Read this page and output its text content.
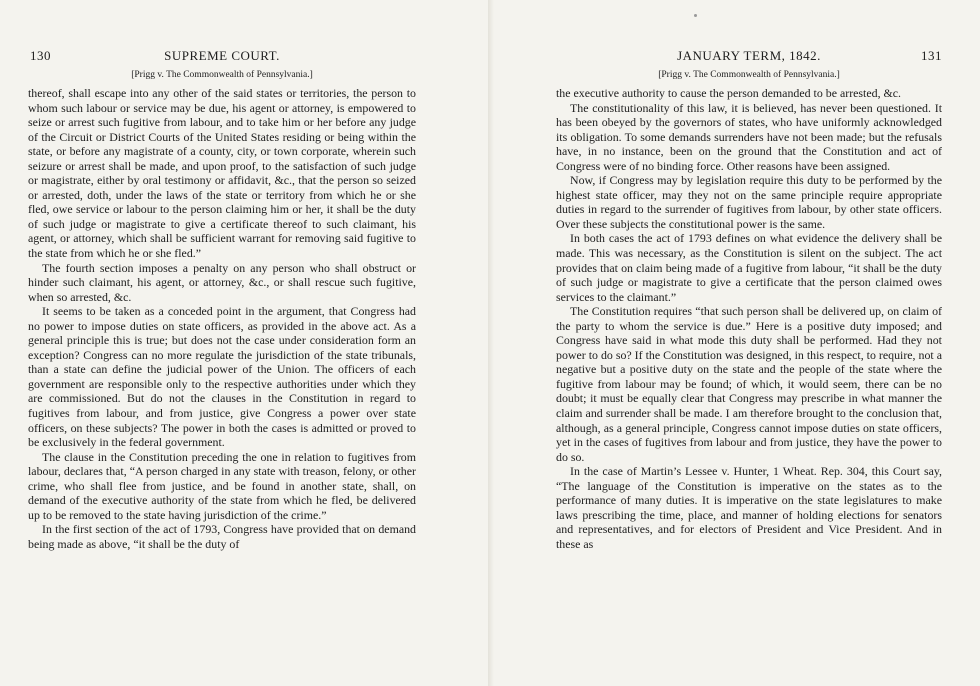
130	SUPREME COURT.
[Prigg v. The Commonwealth of Pennsylvania.]

thereof, shall escape into any other of the said states or territories, the person to whom such labour or service may be due, his agent or attorney, is empowered to seize or arrest such fugitive from labour, and to take him or her before any judge of the Circuit or District Courts of the United States residing or being within the state, or before any magistrate of a county, city, or town corporate, wherein such seizure or arrest shall be made, and upon proof, to the satisfaction of such judge or magistrate, either by oral testimony or affidavit, &c., that the person so seized or arrested, doth, under the laws of the state or territory from which he or she fled, owe service or labour to the person claiming him or her, it shall be the duty of such judge or magistrate to give a certificate thereof to such claimant, his agent, or attorney, which shall be sufficient warrant for removing said fugitive to the state from which he or she fled.”

The fourth section imposes a penalty on any person who shall obstruct or hinder such claimant, his agent, or attorney, &c., or shall rescue such fugitive, when so arrested, &c.

It seems to be taken as a conceded point in the argument, that Congress had no power to impose duties on state officers, as provided in the above act. As a general principle this is true; but does not the case under consideration form an exception? Congress can no more regulate the jurisdiction of the state tribunals, than a state can define the judicial power of the Union. The officers of each government are responsible only to the respective authorities under which they are commissioned. But do not the clauses in the Constitution in regard to fugitives from labour, and from justice, give Congress a power over state officers, on these subjects? The power in both the cases is admitted or proved to be exclusively in the federal government.

The clause in the Constitution preceding the one in relation to fugitives from labour, declares that, “A person charged in any state with treason, felony, or other crime, who shall flee from justice, and be found in another state, shall, on demand of the executive authority of the state from which he fled, be delivered up to be removed to the state having jurisdiction of the crime.”

In the first section of the act of 1793, Congress have provided that on demand being made as above, “it shall be the duty of

JANUARY TERM, 1842.	131
[Prigg v. The Commonwealth of Pennsylvania.]

the executive authority to cause the person demanded to be arrested, &c.

The constitutionality of this law, it is believed, has never been questioned. It has been obeyed by the governors of states, who have uniformly acknowledged its obligation. To some demands surrenders have not been made; but the refusals have, in no instance, been on the ground that the Constitution and act of Congress were of no binding force. Other reasons have been assigned.

Now, if Congress may by legislation require this duty to be performed by the highest state officer, may they not on the same principle require appropriate duties in regard to the surrender of fugitives from labour, by other state officers. Over these subjects the constitutional power is the same.

In both cases the act of 1793 defines on what evidence the delivery shall be made. This was necessary, as the Constitution is silent on the subject. The act provides that on claim being made of a fugitive from labour, “it shall be the duty of such judge or magistrate to give a certificate that the person claimed owes services to the claimant.”

The Constitution requires “that such person shall be delivered up, on claim of the party to whom the service is due.” Here is a positive duty imposed; and Congress have said in what mode this duty shall be performed. Had they not power to do so? If the Constitution was designed, in this respect, to require, not a negative but a positive duty on the state and the people of the state where the fugitive from labour may be found; of which, it would seem, there can be no doubt; it must be equally clear that Congress may prescribe in what manner the claim and surrender shall be made. I am therefore brought to the conclusion that, although, as a general principle, Congress cannot impose duties on state officers, yet in the cases of fugitives from labour and from justice, they have the power to do so.

In the case of Martin’s Lessee v. Hunter, 1 Wheat. Rep. 304, this Court say, “The language of the Constitution is imperative on the states as to the performance of many duties. It is imperative on the state legislatures to make laws prescribing the time, place, and manner of holding elections for senators and representatives, and for electors of President and Vice President. And in these as
